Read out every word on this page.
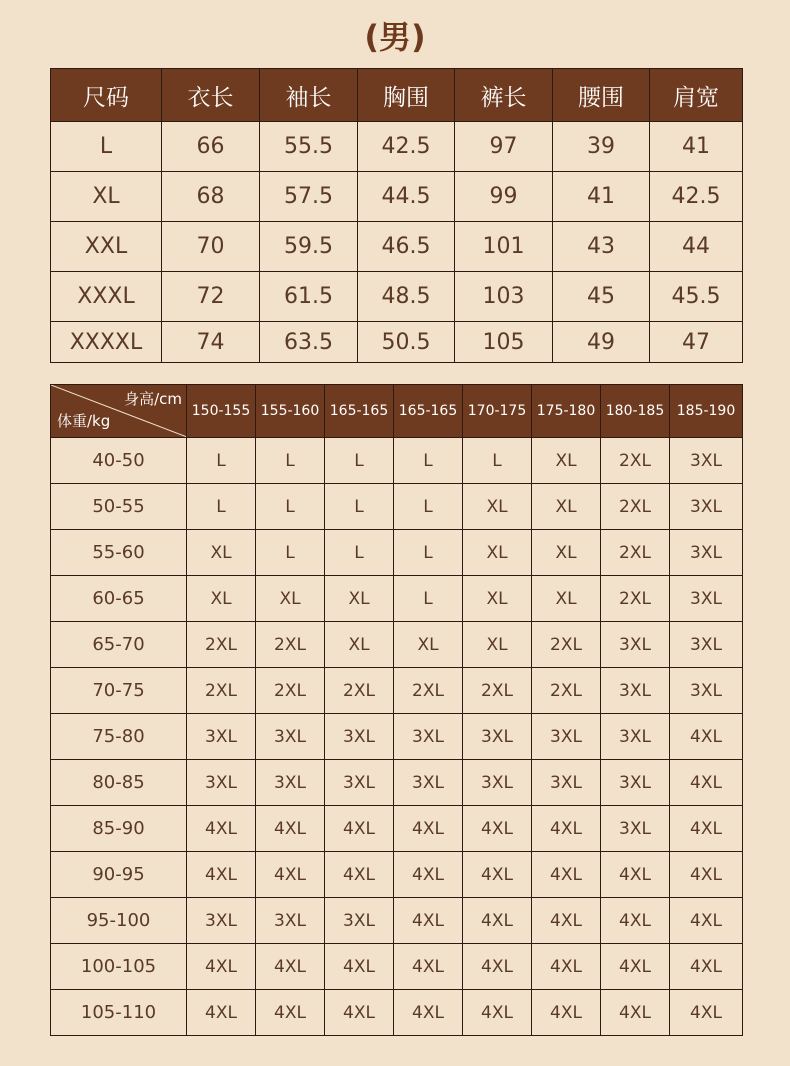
(男)
尺码	衣长	袖长	胸围	裤长	腰围	肩宽
L	66	55.5	42.5	97	39	41
XL	68	57.5	44.5	99	41	42.5
XXL	70	59.5	46.5	101	43	44
XXXL	72	61.5	48.5	103	45	45.5
XXXXL	74	63.5	50.5	105	49	47
身高/cm
体重/kg	150-155	155-160	165-165	165-165	170-175	175-180	180-185	185-190
40-50	L	L	L	L	L	XL	2XL	3XL
50-55	L	L	L	L	XL	XL	2XL	3XL
55-60	XL	L	L	L	XL	XL	2XL	3XL
60-65	XL	XL	XL	L	XL	XL	2XL	3XL
65-70	2XL	2XL	XL	XL	XL	2XL	3XL	3XL
70-75	2XL	2XL	2XL	2XL	2XL	2XL	3XL	3XL
75-80	3XL	3XL	3XL	3XL	3XL	3XL	3XL	4XL
80-85	3XL	3XL	3XL	3XL	3XL	3XL	3XL	4XL
85-90	4XL	4XL	4XL	4XL	4XL	4XL	3XL	4XL
90-95	4XL	4XL	4XL	4XL	4XL	4XL	4XL	4XL
95-100	3XL	3XL	3XL	4XL	4XL	4XL	4XL	4XL
100-105	4XL	4XL	4XL	4XL	4XL	4XL	4XL	4XL
105-110	4XL	4XL	4XL	4XL	4XL	4XL	4XL	4XL
